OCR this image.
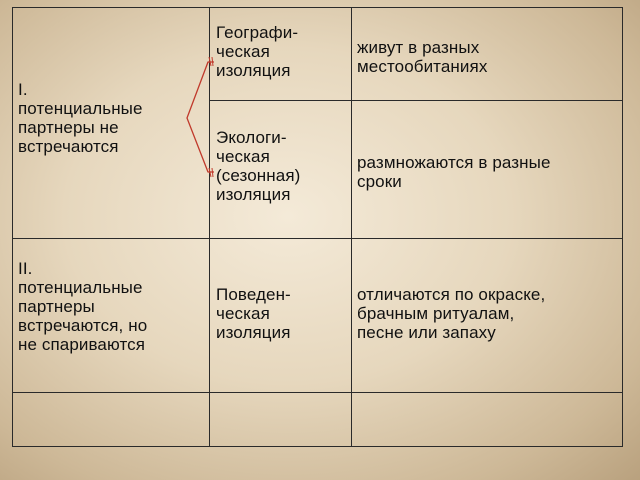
I.
потенциальные
партнеры не
встречаются
Географи-
ческая
изоляция
живут в разных
местообитаниях
Экологи-
ческая
(сезонная)
изоляция
размножаются в разные
сроки
II.
потенциальные
партнеры
встречаются, но
не спариваются
Поведен-
ческая
изоляция
отличаются по окраске,
брачным ритуалам,
песне или запаху
